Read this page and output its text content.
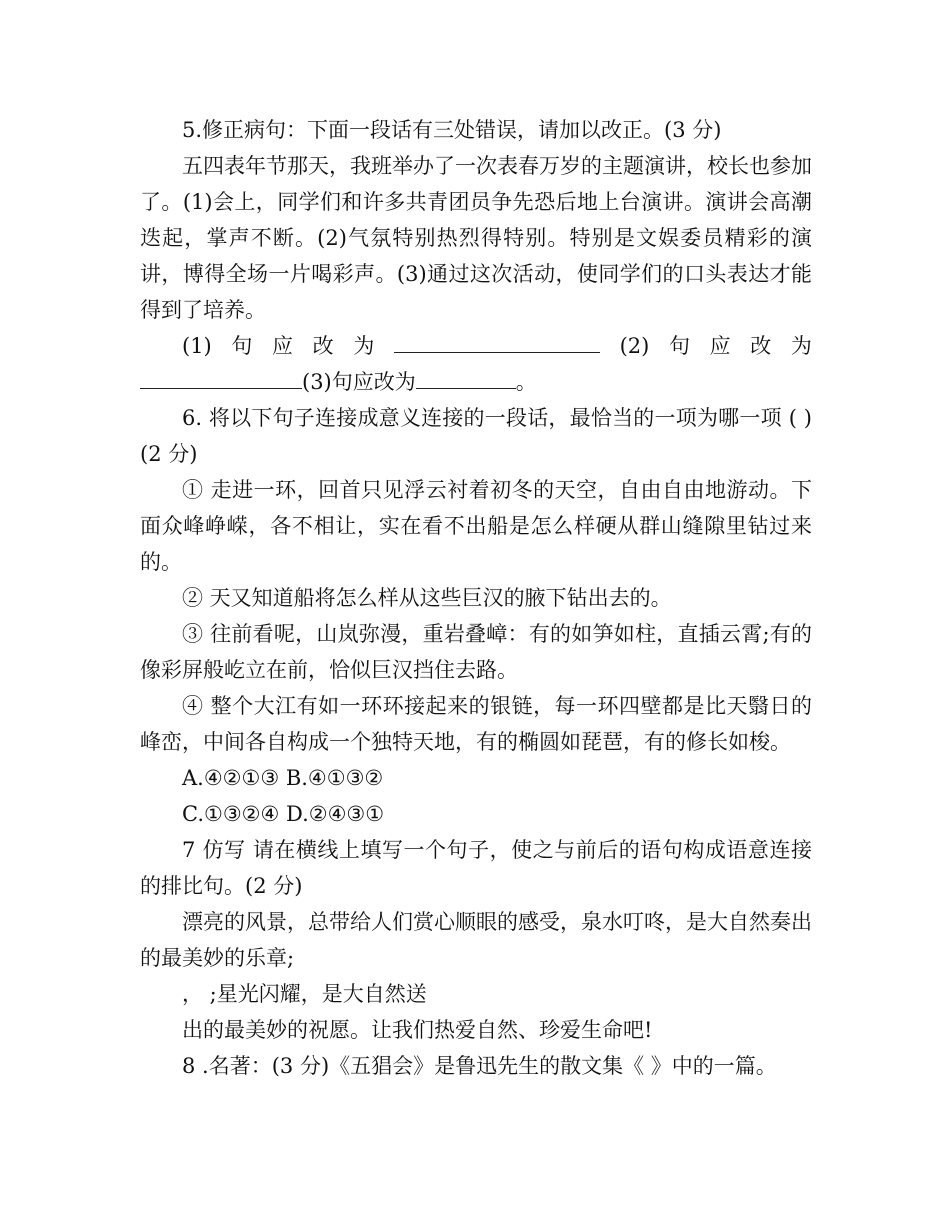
5.修正病句：下面一段话有三处错误，请加以改正。(3 分)

五四表年节那天，我班举办了一次表春万岁的主题演讲，校长也参加了。(1)会上，同学们和许多共青团员争先恐后地上台演讲。演讲会高潮迭起，掌声不断。(2)气氛特别热烈得特别。特别是文娱委员精彩的演讲，博得全场一片喝彩声。(3)通过这次活动，使同学们的口头表达才能得到了培养。

(1) 句 应 改 为	(2) 句 应 改 为
(3)句应改为	。

6. 将以下句子连接成意义连接的一段话，最恰当的一项为哪一项 ( )(2 分)

① 走进一环，回首只见浮云衬着初冬的天空，自由自由地游动。下面众峰峥嵘，各不相让，实在看不出船是怎么样硬从群山缝隙里钻过来的。

② 天又知道船将怎么样从这些巨汉的腋下钻出去的。

③ 往前看呢，山岚弥漫，重岩叠嶂：有的如笋如柱，直插云霄;有的像彩屏般屹立在前，恰似巨汉挡住去路。

④ 整个大江有如一环环接起来的银链，每一环四壁都是比天翳日的峰峦，中间各自构成一个独特天地，有的椭圆如琵琶，有的修长如梭。

A.④②①③ B.④①③②

C.①③②④ D.②④③①

7 仿写 请在横线上填写一个句子，使之与前后的语句构成语意连接的排比句。(2 分)

漂亮的风景，总带给人们赏心顺眼的感受，泉水叮咚，是大自然奏出的最美妙的乐章;

， ;星光闪耀，是大自然送

出的最美妙的祝愿。让我们热爱自然、珍爱生命吧!

8 .名著：(3 分)《五猖会》是鲁迅先生的散文集《 》中的一篇。
